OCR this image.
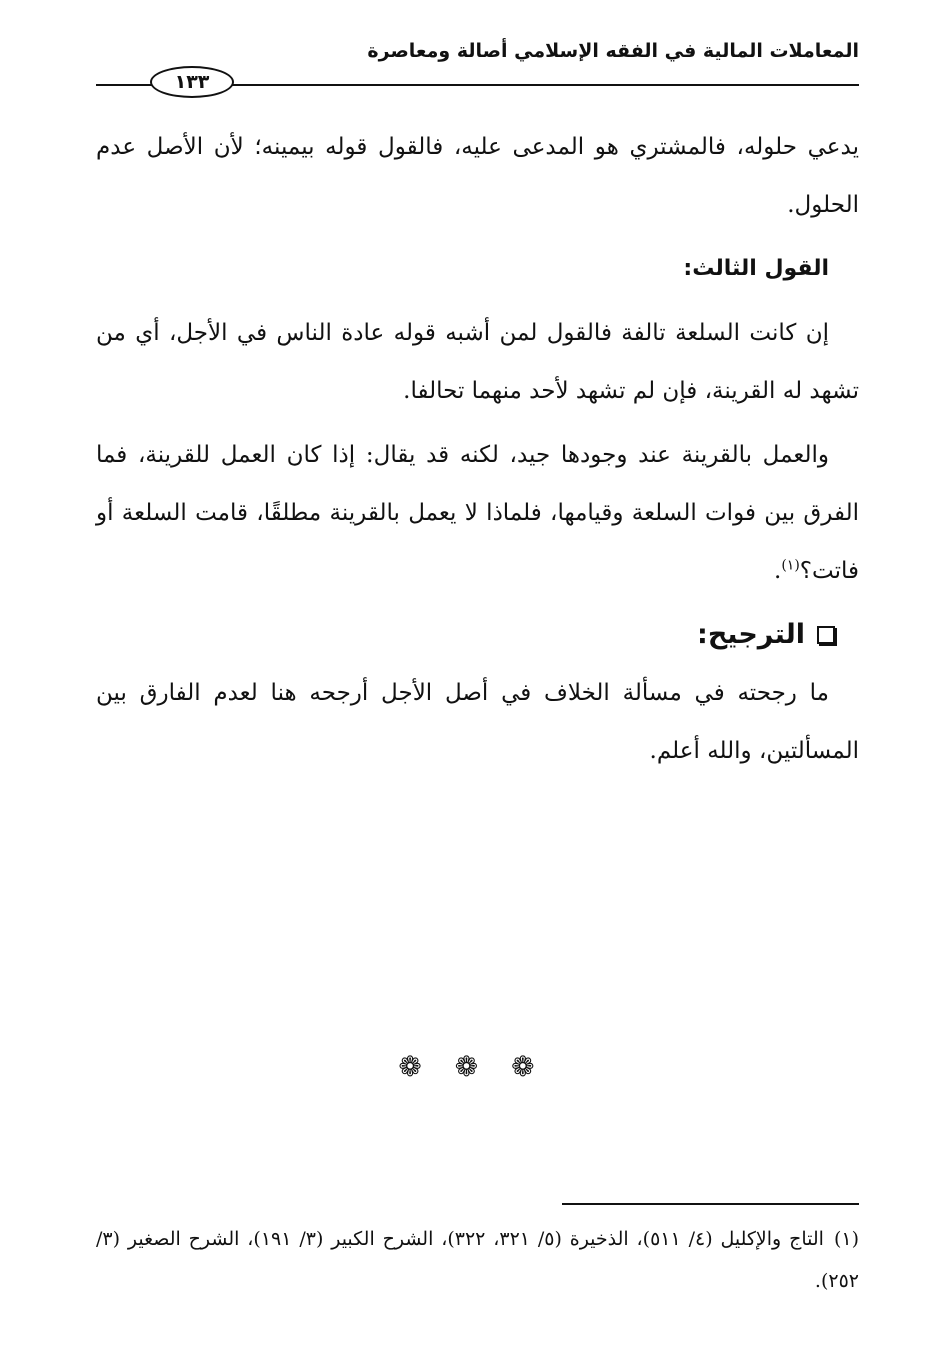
المعاملات المالية في الفقه الإسلامي أصالة ومعاصرة
١٣٣

يدعي حلوله، فالمشتري هو المدعى عليه، فالقول قوله بيمينه؛ لأن الأصل عدم الحلول.

القول الثالث:

إن كانت السلعة تالفة فالقول لمن أشبه قوله عادة الناس في الأجل، أي من تشهد له القرينة، فإن لم تشهد لأحد منهما تحالفا.

والعمل بالقرينة عند وجودها جيد، لكنه قد يقال: إذا كان العمل للقرينة، فما الفرق بين فوات السلعة وقيامها، فلماذا لا يعمل بالقرينة مطلقًا، قامت السلعة أو فاتت؟$^{(١)}$.

الترجيح:

ما رجحته في مسألة الخلاف في أصل الأجل أرجحه هنا لعدم الفارق بين المسألتين، والله أعلم.

❁ ❁ ❁

(١)التاج والإكليل (٤/ ٥١١)، الذخيرة (٥/ ٣٢١، ٣٢٢)، الشرح الكبير (٣/ ١٩١)، الشرح الصغير (٣/ ٢٥٢).
